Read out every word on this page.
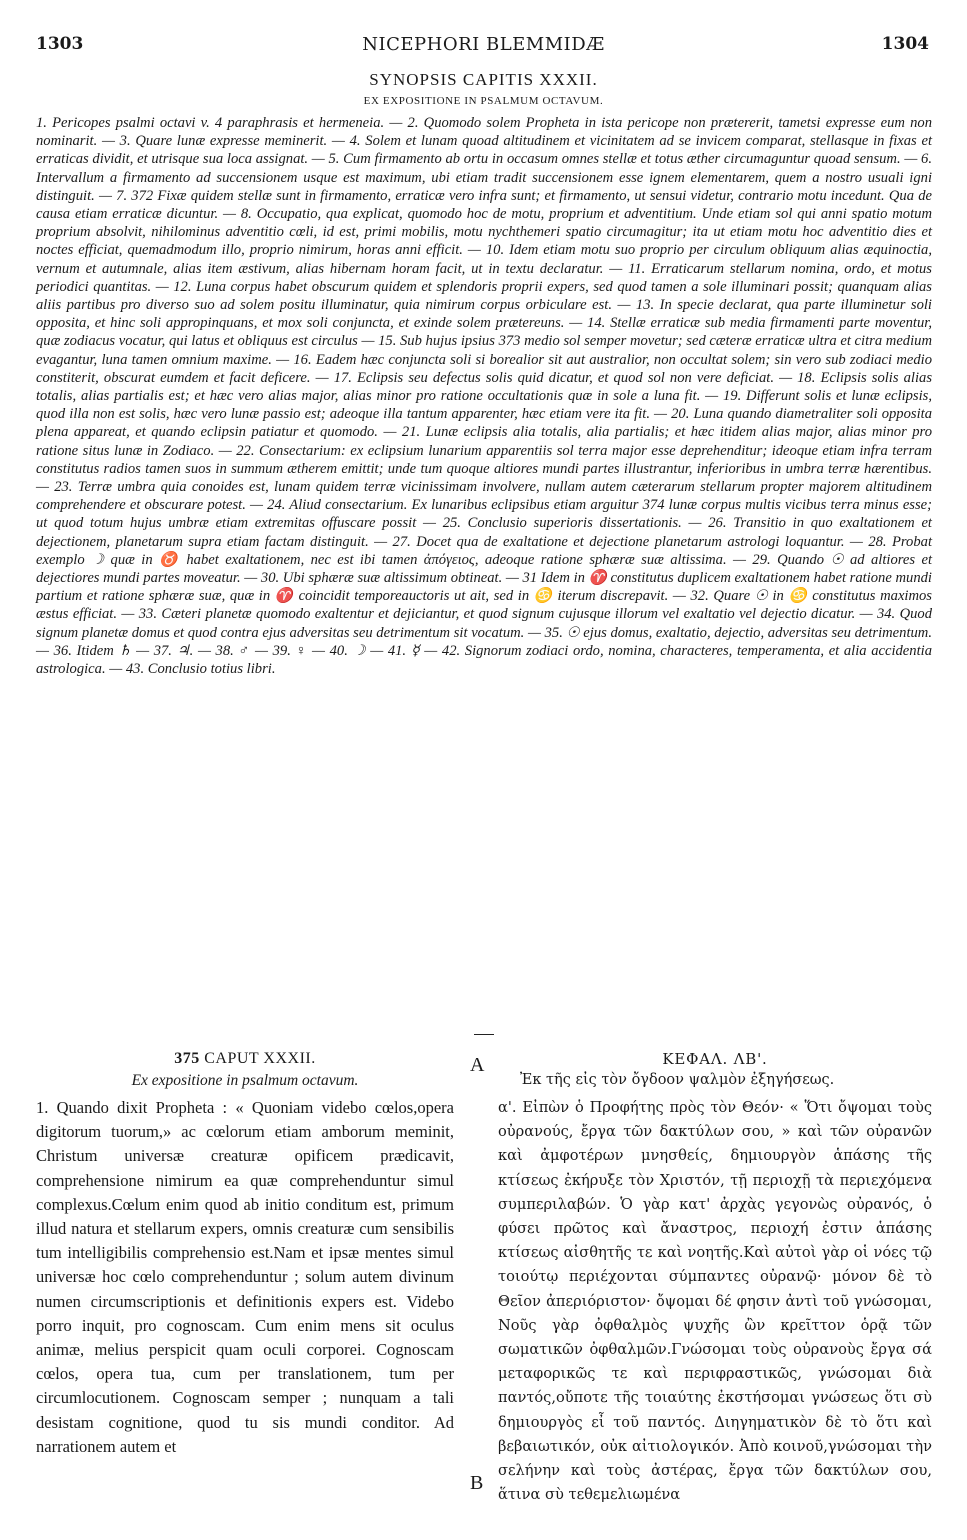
1303	NICEPHORI BLEMMIDÆ	1304
SYNOPSIS CAPITIS XXXII.
EX EXPOSITIONE IN PSALMUM OCTAVUM.

1. Pericopes psalmi octavi v. 4 paraphrasis et hermeneia. — 2. Quomodo solem Propheta in ista pericope non prætererit, tametsi expresse eum non nominarit. — 3. Quare lunæ expresse meminerit. — 4. Solem et lunam quoad altitudinem et vicinitatem ad se invicem comparat, stellasque in fixas et erraticas dividit, et utrisque sua loca assignat. — 5. Cum firmamento ab ortu in occasum omnes stellæ et totus æther circumaguntur quoad sensum. — 6. Intervallum a firmamento ad succensionem usque est maximum, ubi etiam tradit succensionem esse ignem elementarem, quem a nostro usuali igni distinguit. — 7. 372 Fixæ quidem stellæ sunt in firmamento, erraticæ vero infra sunt; et firmamento, ut sensui videtur, contrario motu incedunt. Qua de causa etiam erraticæ dicuntur. — 8. Occupatio, qua explicat, quomodo hoc de motu, proprium et adventitium. Unde etiam sol qui anni spatio motum proprium absolvit, nihilominus adventitio cœli, id est, primi mobilis, motu nychthemeri spatio circumagitur; ita ut etiam motu hoc adventitio dies et noctes efficiat, quemadmodum illo, proprio nimirum, horas anni efficit. — 10. Idem etiam motu suo proprio per circulum obliquum alias æquinoctia, vernum et autumnale, alias item æstivum, alias hibernam horam facit, ut in textu declaratur. — 11. Erraticarum stellarum nomina, ordo, et motus periodici quantitas. — 12. Luna corpus habet obscurum quidem et splendoris proprii expers, sed quod tamen a sole illuminari possit; quanquam alias aliis partibus pro diverso suo ad solem positu illuminatur, quia nimirum corpus orbiculare est. — 13. In specie declarat, qua parte illuminetur soli opposita, et hinc soli appropinquans, et mox soli conjuncta, et exinde solem prætereuns. — 14. Stellæ erraticæ sub media firmamenti parte moventur, quæ zodiacus vocatur, qui latus et obliquus est circulus — 15. Sub hujus ipsius 373 medio sol semper movetur; sed cæteræ erraticæ ultra et citra medium evagantur, luna tamen omnium maxime. — 16. Eadem hæc conjuncta soli si borealior sit aut australior, non occultat solem; sin vero sub zodiaci medio constiterit, obscurat eumdem et facit deficere. — 17. Eclipsis seu defectus solis quid dicatur, et quod sol non vere deficiat. — 18. Eclipsis solis alias totalis, alias partialis est; et hæc vero alias major, alias minor pro ratione occultationis quæ in sole a luna fit. — 19. Differunt solis et lunæ eclipsis, quod illa non est solis, hæc vero lunæ passio est; adeoque illa tantum apparenter, hæc etiam vere ita fit. — 20. Luna quando diametraliter soli opposita plena appareat, et quando eclipsin patiatur et quomodo. — 21. Lunæ eclipsis alia totalis, alia partialis; et hæc itidem alias major, alias minor pro ratione situs lunæ in Zodiaco. — 22. Consectarium: ex eclipsium lunarium apparentiis sol terra major esse deprehenditur; ideoque etiam infra terram constitutus radios tamen suos in summum ætherem emittit; unde tum quoque altiores mundi partes illustrantur, inferioribus in umbra terræ hærentibus. — 23. Terræ umbra quia conoides est, lunam quidem terræ vicinissimam involvere, nullam autem cæterarum stellarum propter majorem altitudinem comprehendere et obscurare potest. — 24. Aliud consectarium. Ex lunaribus eclipsibus etiam arguitur 374 lunæ corpus multis vicibus terra minus esse; ut quod totum hujus umbræ etiam extremitas offuscare possit — 25. Conclusio superioris dissertationis. — 26. Transitio in quo exaltationem et dejectionem, planetarum supra etiam factam distinguit. — 27. Docet qua de exaltatione et dejectione planetarum astrologi loquantur. — 28. Probat exemplo ☽ quæ in ♉ habet exaltationem, nec est ibi tamen ἀπόγειος, adeoque ratione sphæræ suæ altissima. — 29. Quando ☉ ad altiores et dejectiores mundi partes moveatur. — 30. Ubi sphæræ suæ altissimum obtineat. — 31 Idem in ♈ constitutus duplicem exaltationem habet ratione mundi partium et ratione sphæræ suæ, quæ in ♈ coincidit temporeauctoris ut ait, sed in ♋ iterum discrepavit. — 32. Quare ☉ in ♋ constitutus maximos æstus efficiat. — 33. Cæteri planetæ quomodo exaltentur et dejiciantur, et quod signum cujusque illorum vel exaltatio vel dejectio dicatur. — 34. Quod signum planetæ domus et quod contra ejus adversitas seu detrimentum sit vocatum. — 35. ☉ ejus domus, exaltatio, dejectio, adversitas seu detrimentum. — 36. Itidem ♄ — 37. ♃. — 38. ♂ — 39. ♀ — 40. ☽ — 41. ☿ — 42. Signorum zodiaci ordo, nomina, characteres, temperamenta, et alia accidentia astrologica. — 43. Conclusio totius libri.

375 CAPUT XXXII.

Ex expositione in psalmum octavum.

1. Quando dixit Propheta : « Quoniam videbo cœlos,opera digitorum tuorum,» ac cœlorum etiam amborum meminit, Christum universæ creaturæ opificem prædicavit, comprehensione nimirum ea quæ comprehenduntur simul complexus.Cœlum enim quod ab initio conditum est, primum illud natura et stellarum expers, omnis creaturæ cum sensibilis tum intelligibilis comprehensio est.Nam et ipsæ mentes simul universæ hoc cœlo comprehenduntur ; solum autem divinum numen circumscriptionis et definitionis expers est. Videbo porro inquit, pro cognoscam. Cum enim mens sit oculus animæ, melius perspicit quam oculi corporei. Cognoscam cœlos, opera tua, cum per translationem, tum per circumlocutionem. Cognoscam semper ; nunquam a tali desistam cognitione, quod tu sis mundi conditor. Ad narrationem autem et

A
B

ΚΕΦΑΛ. ΛΒ'.

Ἐκ τῆς εἰς τὸν ὄγδοον ψαλμὸν ἐξηγήσεως.

α'. Εἰπὼν ὁ Προφήτης πρὸς τὸν Θεόν· « Ὅτι ὄψομαι τοὺς οὐρανούς, ἔργα τῶν δακτύλων σου, » καὶ τῶν οὐρανῶν καὶ ἀμφοτέρων μνησθείς, δημιουργὸν ἁπάσης τῆς κτίσεως ἐκήρυξε τὸν Χριστόν, τῇ περιοχῇ τὰ περιεχόμενα συμπεριλαβών. Ὁ γὰρ κατ' ἀρχὰς γεγονὼς οὐρανός, ὁ φύσει πρῶτος καὶ ἄναστρος, περιοχή ἐστιν ἁπάσης κτίσεως αἰσθητῆς τε καὶ νοητῆς.Καὶ αὐτοὶ γὰρ οἱ νόες τῷ τοιούτῳ περιέχονται σύμπαντες οὐρανῷ· μόνον δὲ τὸ Θεῖον ἀπεριόριστον· ὄψομαι δέ φησιν ἀντὶ τοῦ γνώσομαι, Νοῦς γὰρ ὀφθαλμὸς ψυχῆς ὢν κρεῖττον ὁρᾷ τῶν σωματικῶν ὀφθαλμῶν.Γνώσομαι τοὺς οὐρανοὺς ἔργα σά μεταφορικῶς τε καὶ περιφραστικῶς, γνώσομαι διὰ παντός,οὔποτε τῆς τοιαύτης ἐκστήσομαι γνώσεως ὅτι σὺ δημιουργὸς εἶ τοῦ παντός. Διηγηματικὸν δὲ τὸ ὅτι καὶ βεβαιωτικόν, οὐκ αἰτιολογικόν. Ἀπὸ κοινοῦ,γνώσομαι τὴν σελήνην καὶ τοὺς ἀστέρας, ἔργα τῶν δακτύλων σου, ἅτινα σὺ τεθεμελιωμένα
